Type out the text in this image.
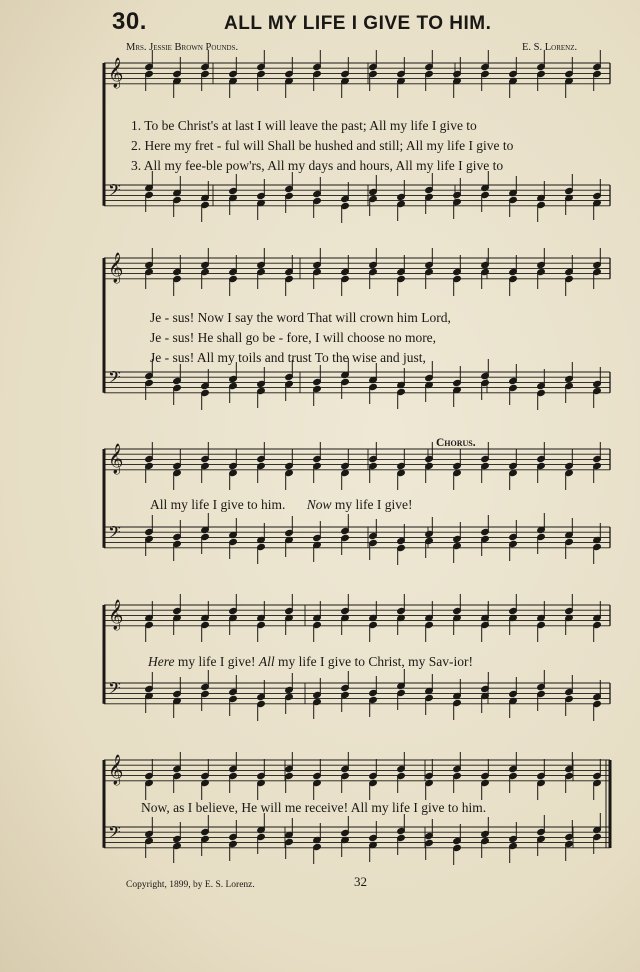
30.	ALL MY LIFE I GIVE TO HIM.
Mrs. Jessie Brown Pounds.	E. S. Lorenz.
𝄞
𝄢
𝄞
𝄢
𝄞
𝄢
𝄞
𝄢
𝄞
𝄢
1. To be Christ's at last I will leave the past; All my life I give to
2. Here my fret - ful will Shall be hushed and still; All my life I give to
3. All my fee-ble pow'rs, All my days and hours, All my life I give to
Je - sus! Now I say the word That will crown him Lord,
Je - sus! He shall go be - fore, I will choose no more,
Je - sus! All my toils and trust To the wise and just,
Chorus.
All my life I give to him. Now my life I give!
Here my life I give! All my life I give to Christ, my Sav-ior!
Now, as I believe, He will me receive! All my life I give to him.
Copyright, 1899, by E. S. Lorenz.	32
